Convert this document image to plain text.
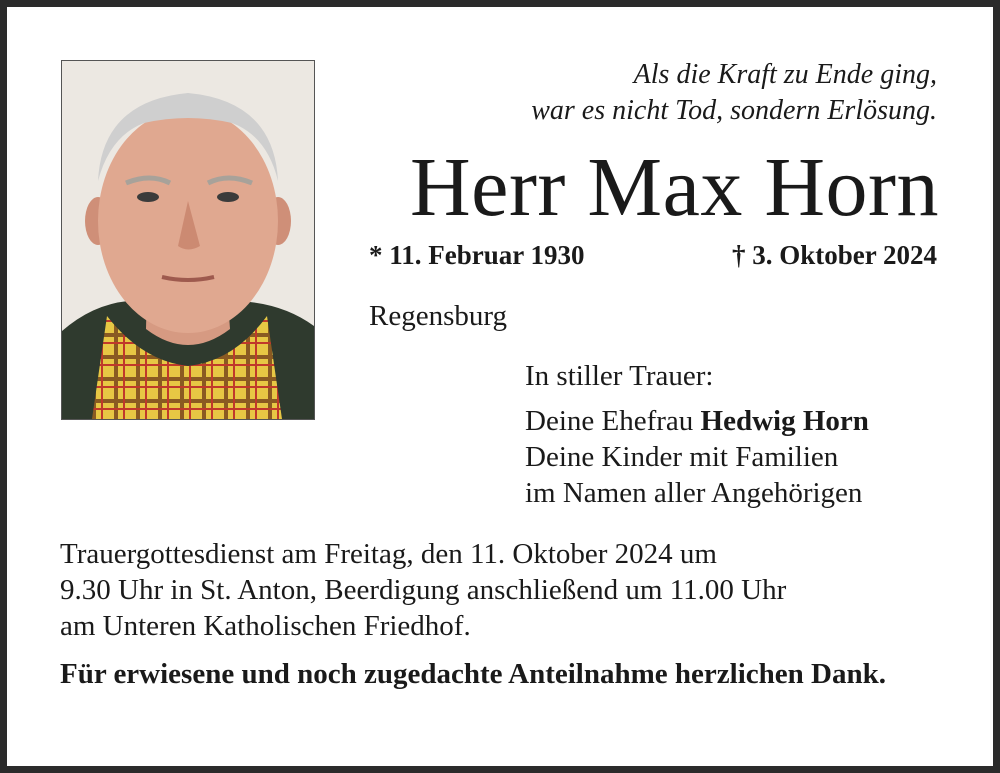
Als die Kraft zu Ende ging,
war es nicht Tod, sondern Erlösung.
Herr Max Horn
* 11. Februar 1930	† 3. Oktober 2024
Regensburg
In stiller Trauer:
Deine Ehefrau Hedwig Horn
Deine Kinder mit Familien
im Namen aller Angehörigen
Trauergottesdienst am Freitag, den 11. Oktober 2024 um
9.30 Uhr in St. Anton, Beerdigung anschließend um 11.00 Uhr
am Unteren Katholischen Friedhof.
Für erwiesene und noch zugedachte Anteilnahme herzlichen Dank.
